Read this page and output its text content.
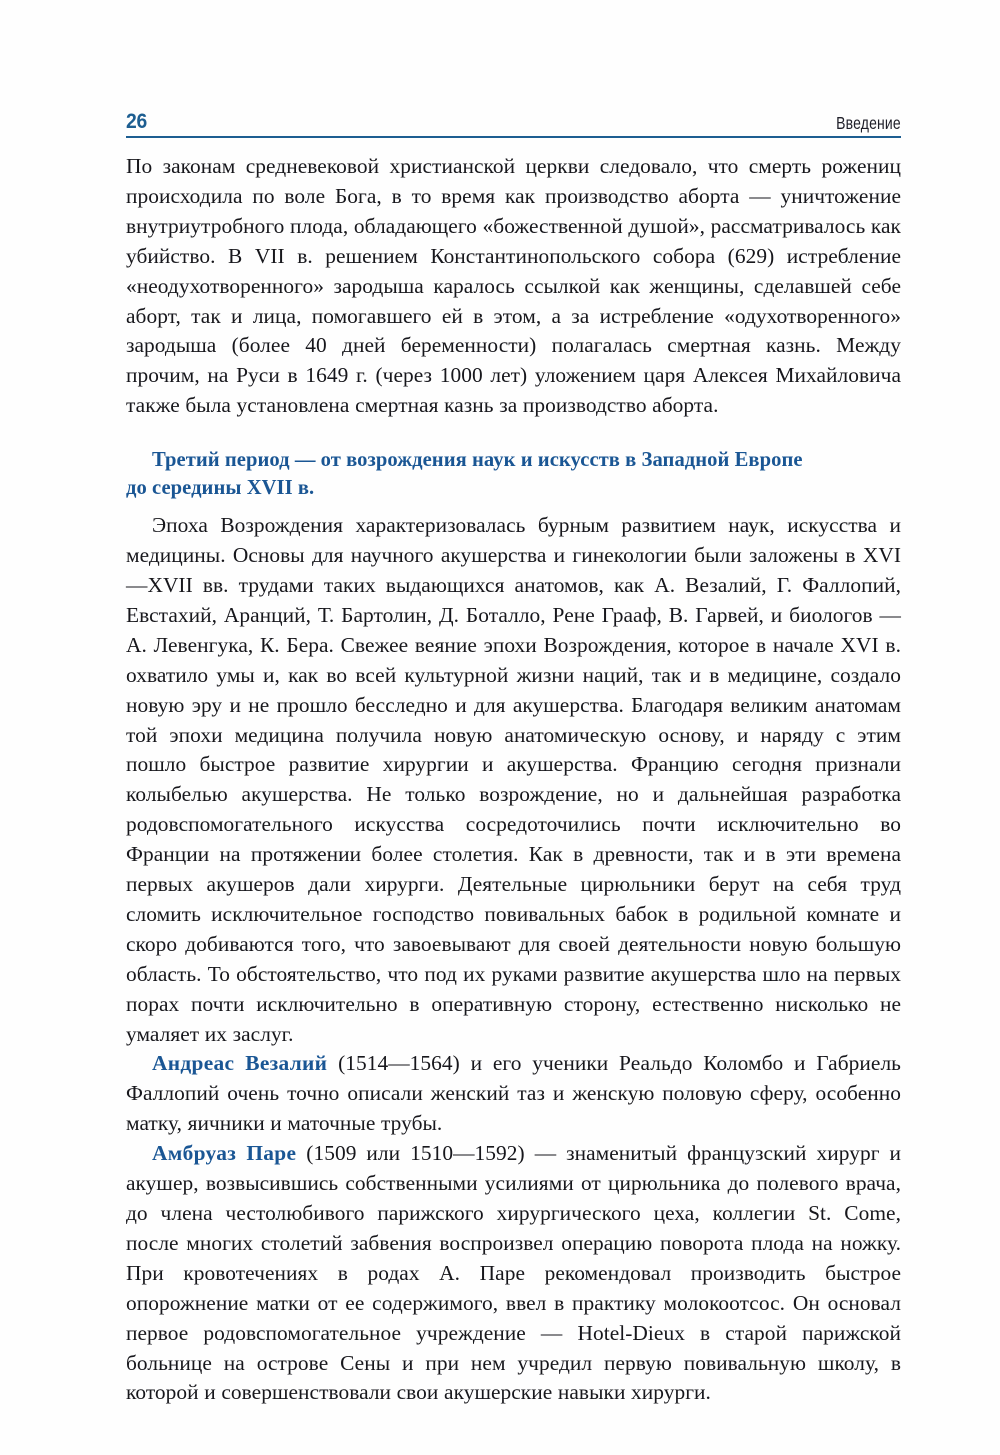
26	Введение

По законам средневековой христианской церкви следовало, что смерть рожениц происходила по воле Бога, в то время как производство аборта — уничтожение внутриутробного плода, обладающего «божественной душой», рассматривалось как убийство. В VII в. решением Константинопольского собора (629) истребление «неодухотворенного» зародыша каралось ссылкой как женщины, сделавшей себе аборт, так и лица, помогавшего ей в этом, а за истребление «одухотворенного» зародыша (более 40 дней беременности) полагалась смертная казнь. Между прочим, на Руси в 1649 г. (через 1000 лет) уложением царя Алексея Михайловича также была установлена смертная казнь за производство аборта.

Третий период — от возрождения наук и искусств в Западной Европе
до середины XVII в.

Эпоха Возрождения характеризовалась бурным развитием наук, искусства и медицины. Основы для научного акушерства и гинекологии были заложены в XVI—XVII вв. трудами таких выдающихся анатомов, как А. Везалий, Г. Фаллопий, Евстахий, Аранций, Т. Бартолин, Д. Боталло, Рене Грааф, В. Гарвей, и биологов — А. Левенгука, К. Бера. Свежее веяние эпохи Возрождения, которое в начале XVI в. охватило умы и, как во всей культурной жизни наций, так и в медицине, создало новую эру и не прошло бесследно и для акушерства. Благодаря великим анатомам той эпохи медицина получила новую анатомическую основу, и наряду с этим пошло быстрое развитие хирургии и акушерства. Францию сегодня признали колыбелью акушерства. Не только возрождение, но и дальнейшая разработка родовспомогательного искусства сосредоточились почти исключительно во Франции на протяжении более столетия. Как в древности, так и в эти времена первых акушеров дали хирурги. Деятельные цирюльники берут на себя труд сломить исключительное господство повивальных бабок в родильной комнате и скоро добиваются того, что завоевывают для своей деятельности новую большую область. То обстоятельство, что под их руками развитие акушерства шло на первых порах почти исключительно в оперативную сторону, естественно нисколько не умаляет их заслуг.

Андреас Везалий (1514—1564) и его ученики Реальдо Коломбо и Габриель Фаллопий очень точно описали женский таз и женскую половую сферу, особенно матку, яичники и маточные трубы.

Амбруаз Паре (1509 или 1510—1592) — знаменитый французский хирург и акушер, возвысившись собственными усилиями от цирюльника до полевого врача, до члена честолюбивого парижского хирургического цеха, коллегии St. Come, после многих столетий забвения воспроизвел операцию поворота плода на ножку. При кровотечениях в родах А. Паре рекомендовал производить быстрое опорожнение матки от ее содержимого, ввел в практику молокоотсос. Он основал первое родовспомогательное учреждение — Hotel-Dieux в старой парижской больнице на острове Сены и при нем учредил первую повивальную школу, в которой и совершенствовали свои акушерские навыки хирурги.
